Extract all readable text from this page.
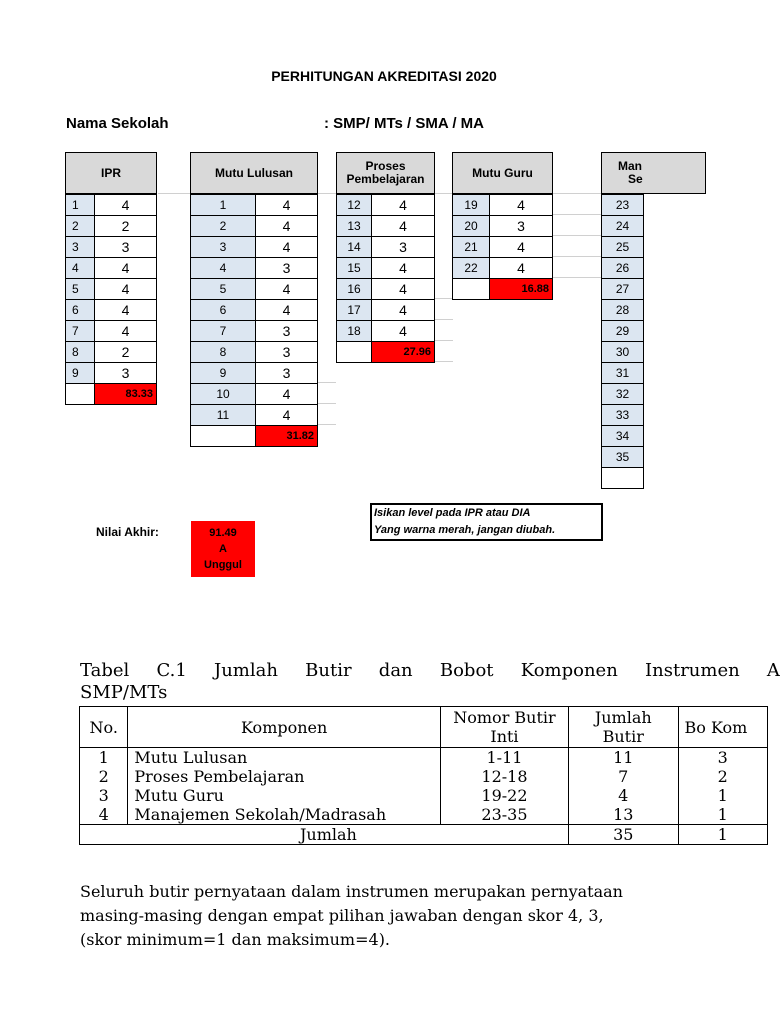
PERHITUNGAN AKREDITASI 2020
Nama Sekolah	: SMP/ MTs / SMA / MA
IPR
1	4
2	2
3	3
4	4
5	4
6	4
7	4
8	2
9	3
83.33
Mutu Lulusan
1	4
2	4
3	4
4	3
5	4
6	4
7	3
8	3
9	3
10	4
11	4
31.82
Proses
Pembelajaran
12	4
13	4
14	3
15	4
16	4
17	4
18	4
27.96
Mutu Guru
19	4
20	3
21	4
22	4
16.88
Man
Se
23
24
25
26
27
28
29
30
31
32
33
34
35
Nilai Akhir:	91.49
A
Unggul
Isikan level pada IPR atau DIA
Yang warna merah, jangan diubah.
Tabel C.1 Jumlah Butir dan Bobot Komponen Instrumen A
SMP/MTs
No.	Komponen	Nomor Butir Inti	Jumlah Butir	Bo Kom
1	Mutu Lulusan	1-11	11	3
2	Proses Pembelajaran	12-18	7	2
3	Mutu Guru	19-22	4	1
4	Manajemen Sekolah/Madrasah	23-35	13	1
Jumlah			35	1
Seluruh butir pernyataan dalam instrumen merupakan pernyataan
masing-masing dengan empat pilihan jawaban dengan skor 4, 3,
(skor minimum=1 dan maksimum=4).
